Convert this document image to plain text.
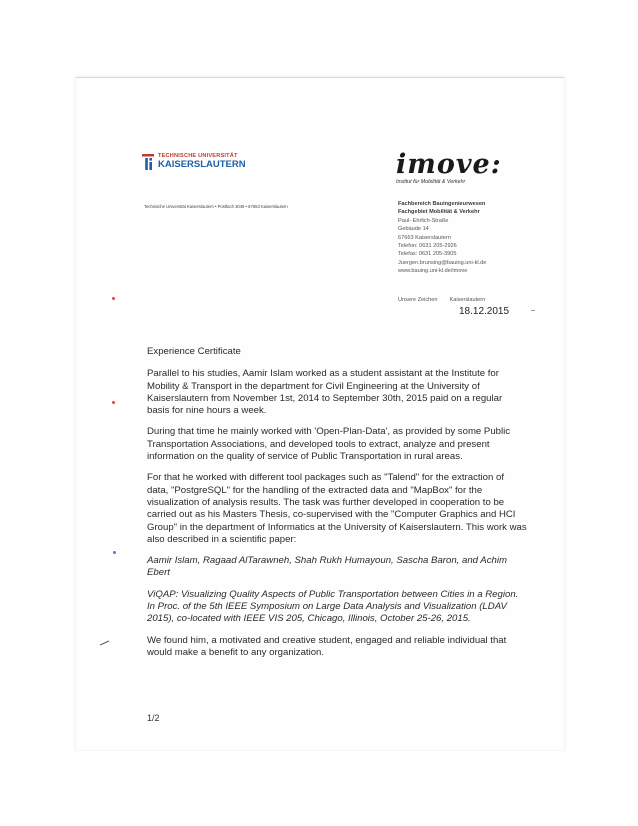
TECHNISCHE UNIVERSITÄT
KAISERSLAUTERN
Technische Universität Kaiserslautern • Postfach 3049 • 67653 Kaiserslautern
imove:
Institut für Mobilität & Verkehr
Fachbereich Bauingenieurwesen
Fachgebiet Mobilität & Verkehr
Paul- Ehrlich-Straße
Gebäude 14
67663 Kaiserslautern
Telefon: 0631 205-2926
Telefax: 0631 205-3905
Juergen.brunsing@bauing.uni-kl.de
www.bauing.uni-kl.de/imove
Unsere Zeichen Kaiserslautern
18.12.2015

Experience Certificate

Parallel to his studies, Aamir Islam worked as a student assistant at the Institute for Mobility & Transport in the department for Civil Engineering at the University of Kaiserslautern from November 1st, 2014 to September 30th, 2015 paid on a regular basis for nine hours a week.

During that time he mainly worked with 'Open-Plan-Data', as provided by some Public Transportation Associations, and developed tools to extract, analyze and present information on the quality of service of Public Transportation in rural areas.

For that he worked with different tool packages such as "Talend" for the extraction of data, "PostgreSQL" for the handling of the extracted data and "MapBox" for the visualization of analysis results. The task was further developed in cooperation to be carried out as his Masters Thesis, co-supervised with the "Computer Graphics and HCI Group" in the department of Informatics at the University of Kaiserslautern. This work was also described in a scientific paper:

Aamir Islam, Ragaad AlTarawneh, Shah Rukh Humayoun, Sascha Baron, and Achim Ebert

ViQAP: Visualizing Quality Aspects of Public Transportation between Cities in a Region. In Proc. of the 5th IEEE Symposium on Large Data Analysis and Visualization (LDAV 2015), co-located with IEEE VIS 205, Chicago, Illinois, October 25-26, 2015.

We found him, a motivated and creative student, engaged and reliable individual that would make a benefit to any organization.

1/2
